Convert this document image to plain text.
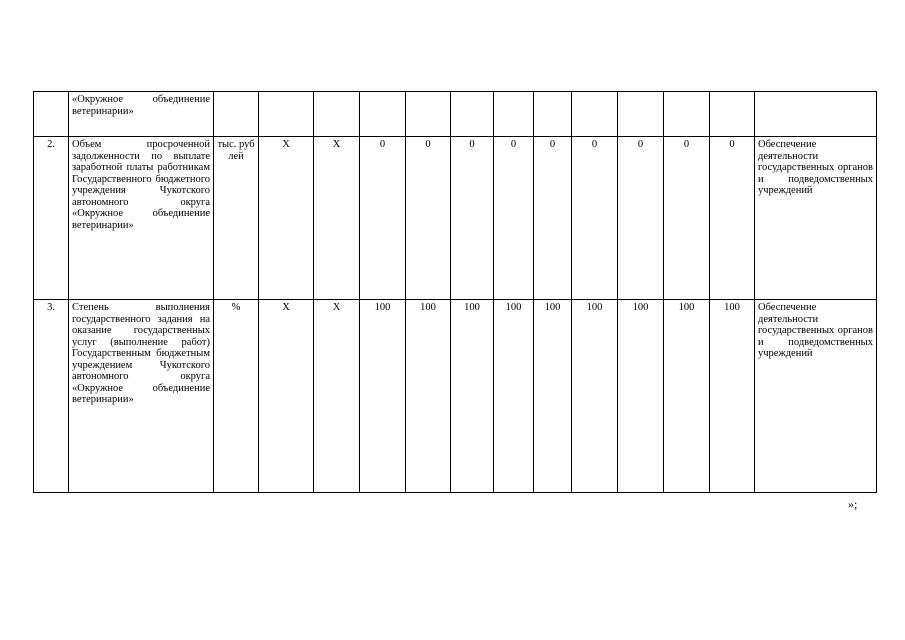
	«Окружное объединение ветеринарии»													
2.	Объем просроченной задолженности по выплате заработной платы работникам Государственного бюджетного учреждения Чукотского автономного округа «Окружное объединение ветеринарии»	тыс. рублей	Х	Х	0	0	0	0	0	0	0	0	0	Обеспечение деятельности государственных органов и подведомственных учреждений
3.	Степень выполнения государственного задания на оказание государственных услуг (выполнение работ) Государственным бюджетным учреждением Чукотского автономного округа «Окружное объединение ветеринарии»	%	Х	Х	100	100	100	100	100	100	100	100	100	Обеспечение деятельности государственных органов и подведомственных учреждений
»;
